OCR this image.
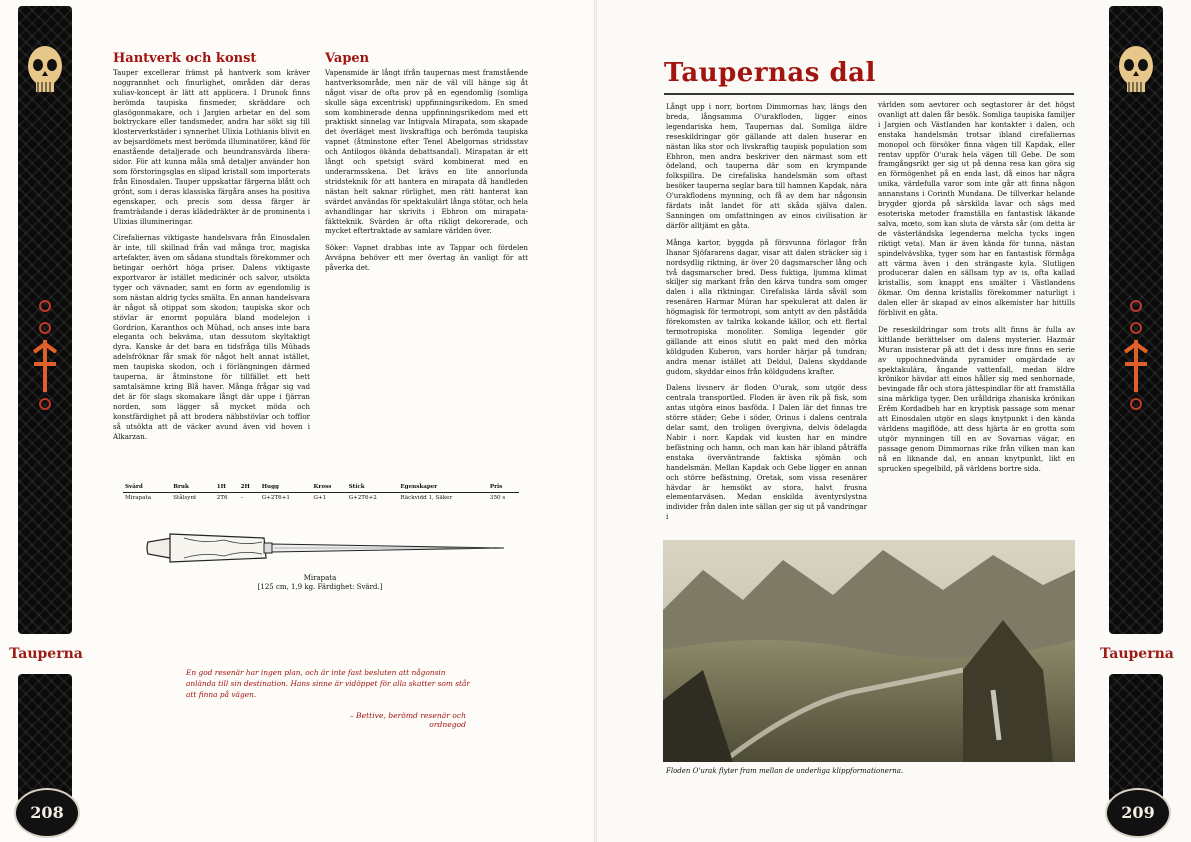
Tauperna
208
Hantverk och konst

Tauper excellerar främst på hantverk som kräver noggrannhet och finurlighet, områden där deras xuliav-koncept är lätt att applicera. I Drunok finns berömda taupiska finsmeder, skräddare och glasögonmakare, och i Jargien arbetar en del som boktryckare eller tandsmeder, andra har sökt sig till klosterverkstäder i synnerhet Ulixia Lothianis blivit en av bejsardömets mest berömda illuminatörer, känd för enastående detaljerade och beundransvärda libera-sidor. För att kunna måla små detaljer använder hon som förstoringsglas en slipad kristall som importerats från Einosdalen. Tauper uppskattar färgerna blått och grönt, som i deras klassiska färgåra anses ha positiva egenskaper, och precis som dessa färger är framträdande i deras klädedräkter är de prominenta i Ulixias illumineringar.

Cirefaliernas viktigaste handelsvara från Einosdalen är inte, till skillnad från vad många tror, magiska artefakter, även om sådana stundtals förekommer och betingar oerhört höga priser. Dalens viktigaste exportvaror är istället medicinér och salvor, utsökta tyger och vävnader, samt en form av egendomlig is som nästan aldrig tycks smälta. En annan handelsvara är något så otippat som skodon; taupiska skor och stövlar är enormt populära bland modelejon i Gordrion, Karanthos och Mûhad, och anses inte bara eleganta och bekväma, utan dessutom skyltaktigt dyra. Kanske är det bara en tidsfråga tills Mûhads adelsfröknar får smak för något helt annat istället, men taupiska skodon, och i förlängningen därmed tauperna, är åtminstone för tillfället ett hett samtalsämne kring Blå haver. Många frågar sig vad det är för slags skomakare långt där uppe i fjärran norden, som lägger så mycket möda och konstfärdighet på att brodera näbbstövlar och tofflor så utsökta att de väcker avund även vid hoven i Alkarzan.

Vapen

Vapensmide är långt ifrån taupernas mest framstående hantverksområde, men när de väl vill hänge sig åt något visar de ofta prov på en egendomlig (somliga skulle säga excentrisk) uppfinningsrikedom. En smed som kombinerade denna uppfinningsrikedom med ett praktiskt sinnelag var Intigvala Mirapata, som skapade det överläget mest livskraftiga och berömda taupiska vapnet (åtminstone efter Tenel Abelgornas stridsstav och Antilogos ökända debattsandal). Mirapatan är ett långt och spetsigt svärd kombinerat med en underarmsskena. Det krävs en lite annorlunda stridsteknik för att hantera en mirapata då handleden nästan helt saknar rörlighet, men rätt hanterat kan svärdet användas för spektakulärt långa stötar, och hela avhandlingar har skrivits i Ebhron om mirapata-fäktteknik. Svärden är ofta rikligt dekorerade, och mycket eftertraktade av samlare världen över.

Söker: Vapnet drabbas inte av Tappar och fördelen Avväpna behöver ett mer övertag än vanligt för att påverka det.

Svärd	Bruk	1H	2H	Hugg	Kross	Stick	Egenskaper	Pris
Mirapata	Stålsynt	2T6	–	G+2T6+1	G+1	G+2T6+2	Räckvidd 1, Säker	350 s
Mirapata
[125 cm, 1,9 kg. Färdighet: Svärd.]
En god resenär har ingen plan, och är inte fast besluten att någonsin anlända till sin destination. Hans sinne är vidöppet för alla skatter som står att finna på vägen.
– Bettive, berömd resenär och ordnegod
Taupernas dal

Långt upp i norr, bortom Dimmornas hav, längs den breda, långsamma O'urakfloden, ligger einos legendariska hem, Taupernas dal. Somliga äldre reseskildringar gör gällande att dalen huserar en nästan lika stor och livskraftig taupisk population som Ebhron, men andra beskriver den närmast som ett ödeland, och tauperna där som en krympande folkspillra. De cirefaliska handelsmän som oftast besöker tauperna seglar bara till hamnen Kapdak, nära O'urakflodens mynning, och få av dem har någonsin färdats inåt landet för att skåda själva dalen. Sanningen om omfattningen av einos civilisation är därför alltjämt en gåta.

Många kartor, byggda på försvunna förlagor från Ihanar Sjöfararens dagar, visar att dalen sträcker sig i nordsydlig riktning, är över 20 dagsmarscher lång och två dagsmarscher bred. Dess fuktiga, ljumma klimat skiljer sig markant från den kärva tundra som omger dalen i alla riktningar. Cirefaliska lärda såväl som resenären Harmar Múran har spekulerat att dalen är högmagisk för termotropi, som antytt av den påstådda förekomsten av talrika kokande källor, och ett flertal termotropiska monoliter. Somliga legender gör gällande att einos slutit en pakt med den mörka köldguden Kuberon, vars horder härjar på tundran; andra menar istället att Deldul, Dalens skyddande gudom, skyddar einos från köldgudens krafter.

Dalens livsnerv är floden O'urak, som utgör dess centrala transportled. Floden är även rik på fisk, som antas utgöra einos basföda. I Dalen lär det finnas tre större städer; Gebe i söder, Orinus i dalens centrala delar samt, den troligen övergivna, delvis ödelagda Nabir i norr. Kapdak vid kusten har en mindre befästning och hamn, och man kan här ibland påträffa enstaka överväntrande faktiska sjömän och handelsmän. Mellan Kapdak och Gebe ligger en annan och större befästning, Oretak, som vissa resenärer hävdar är hemsökt av stora, halvt frusna elementarväsen. Medan enskilda äventyrslystna individer från dalen inte sällan ger sig ut på vandringar i

världen som aevtorer och segtastorer är det högst ovanligt att dalen får besök. Somliga taupiska familjer i Jargien och Västlanden har kontakter i dalen, och enstaka handelsmän trotsar ibland cirefaliernas monopol och försöker finna vägen till Kapdak, eller rentav uppför O'urak hela vägen till Gebe. De som framgångsrikt ger sig ut på denna resa kan göra sig en förmögenhet på en enda last, då einos har några unika, värdefulla varor som inte går att finna någon annanstans i Corinth Mundana. De tillverkar helande brygder gjorda på särskilda lavar och sägs med esoteriska metoder framställa en fantastisk läkande salva, mœto, som kan sluta de värsta sår (om detta är de västerländska legenderna melcha tycks ingen riktigt veta). Man är även kända för tunna, nästan spindelvävslika, tyger som har en fantastisk förmåga att värma även i den strängaste kyla. Slutligen producerar dalen en sällsam typ av is, ofta kallad kristallis, som knappt ens smälter i Västlandens ökmar. Om denna kristallis förekommer naturligt i dalen eller är skapad av einos alkemister har hittills förblivit en gåta.

De reseskildringar som trots allt finns är fulla av kittlande berättelser om dalens mysterier. Hazmár Muran insisterar på att det i dess inre finns en serie av uppochnedvända pyramider omgärdade av spektakulära, ångande vattenfall, medan äldre krönikor hävdar att einos håller sig med senhornade, bevingade får och stora jättespindlar för att framställa sina märkliga tyger. Den urålldriga zhaniska krönikan Erêm Kordadbeh har en kryptisk passage som menar att Einosdalen utgör en slags knytpunkt i den kända världens magiflöde, att dess hjärta är en grotta som utgör mynningen till en av Sovarnas vägar, en passage genom Dimmornas rike från vilken man kan nå en liknande dal, en annan knytpunkt, likt en sprucken spegelbild, på världens bortre sida.

Floden O'urak flyter fram mellan de underliga klippformationerna.
Tauperna
209
